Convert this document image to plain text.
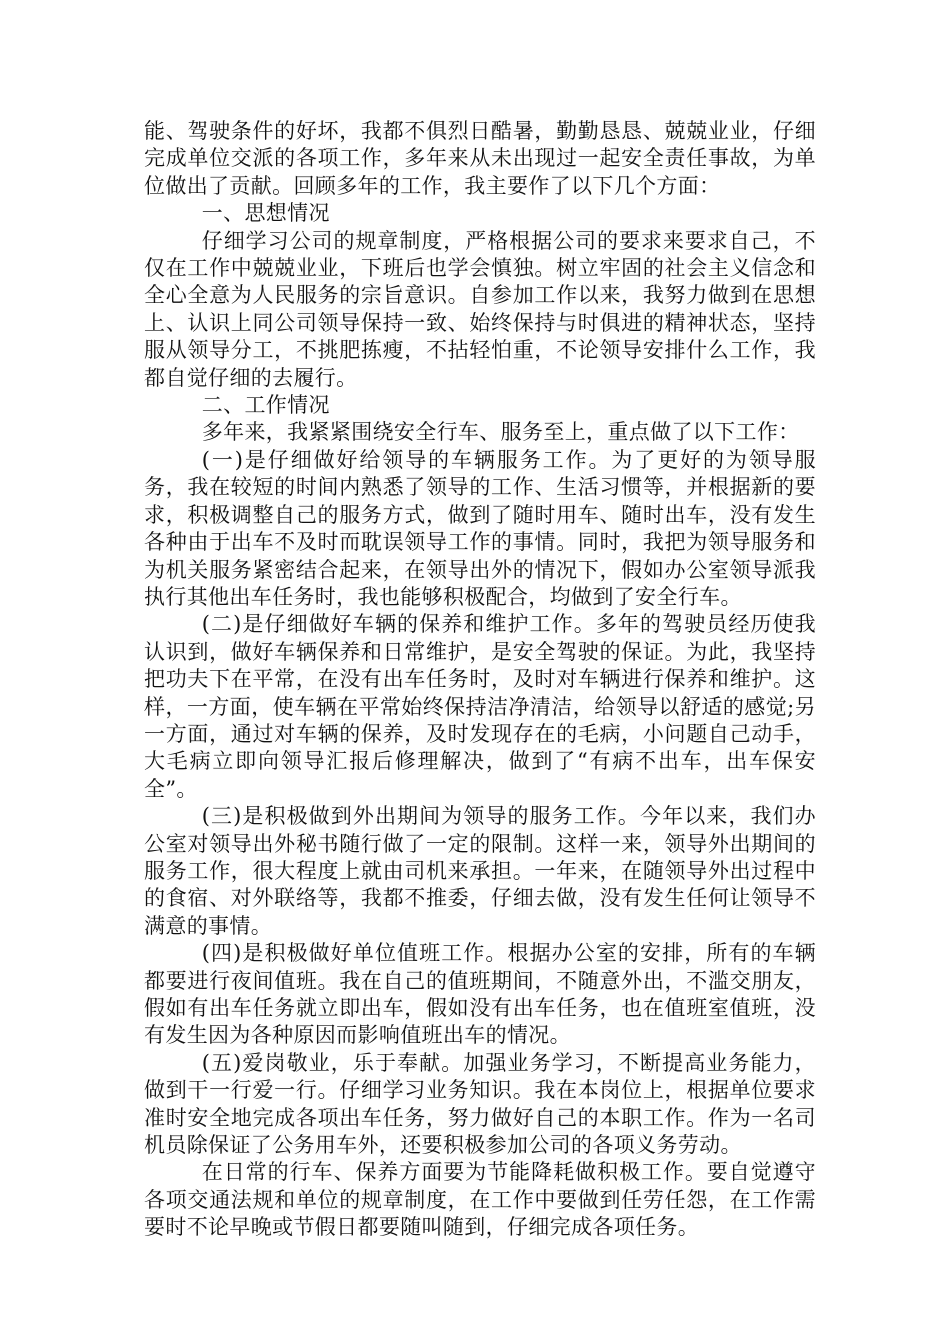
能、驾驶条件的好坏，我都不俱烈日酷暑，勤勤恳恳、兢兢业业，仔细完成单位交派的各项工作，多年来从未出现过一起安全责任事故，为单位做出了贡献。回顾多年的工作，我主要作了以下几个方面：

一、思想情况

仔细学习公司的规章制度，严格根据公司的要求来要求自己，不仅在工作中兢兢业业，下班后也学会慎独。树立牢固的社会主义信念和全心全意为人民服务的宗旨意识。自参加工作以来，我努力做到在思想上、认识上同公司领导保持一致、始终保持与时俱进的精神状态，坚持服从领导分工，不挑肥拣瘦，不拈轻怕重，不论领导安排什么工作，我都自觉仔细的去履行。

二、工作情况

多年来，我紧紧围绕安全行车、服务至上，重点做了以下工作：

(一)是仔细做好给领导的车辆服务工作。为了更好的为领导服务，我在较短的时间内熟悉了领导的工作、生活习惯等，并根据新的要求，积极调整自己的服务方式，做到了随时用车、随时出车，没有发生各种由于出车不及时而耽误领导工作的事情。同时，我把为领导服务和为机关服务紧密结合起来，在领导出外的情况下，假如办公室领导派我执行其他出车任务时，我也能够积极配合，均做到了安全行车。

(二)是仔细做好车辆的保养和维护工作。多年的驾驶员经历使我认识到，做好车辆保养和日常维护，是安全驾驶的保证。为此，我坚持把功夫下在平常，在没有出车任务时，及时对车辆进行保养和维护。这样，一方面，使车辆在平常始终保持洁净清洁，给领导以舒适的感觉;另一方面，通过对车辆的保养，及时发现存在的毛病，小问题自己动手，大毛病立即向领导汇报后修理解决，做到了“有病不出车，出车保安全”。

(三)是积极做到外出期间为领导的服务工作。今年以来，我们办公室对领导出外秘书随行做了一定的限制。这样一来，领导外出期间的服务工作，很大程度上就由司机来承担。一年来，在随领导外出过程中的食宿、对外联络等，我都不推委，仔细去做，没有发生任何让领导不满意的事情。

(四)是积极做好单位值班工作。根据办公室的安排，所有的车辆都要进行夜间值班。我在自己的值班期间，不随意外出，不滥交朋友，假如有出车任务就立即出车，假如没有出车任务，也在值班室值班，没有发生因为各种原因而影响值班出车的情况。

(五)爱岗敬业，乐于奉献。加强业务学习，不断提高业务能力，做到干一行爱一行。仔细学习业务知识。我在本岗位上，根据单位要求准时安全地完成各项出车任务，努力做好自己的本职工作。作为一名司机员除保证了公务用车外，还要积极参加公司的各项义务劳动。

在日常的行车、保养方面要为节能降耗做积极工作。要自觉遵守各项交通法规和单位的规章制度，在工作中要做到任劳任怨，在工作需要时不论早晚或节假日都要随叫随到，仔细完成各项任务。
